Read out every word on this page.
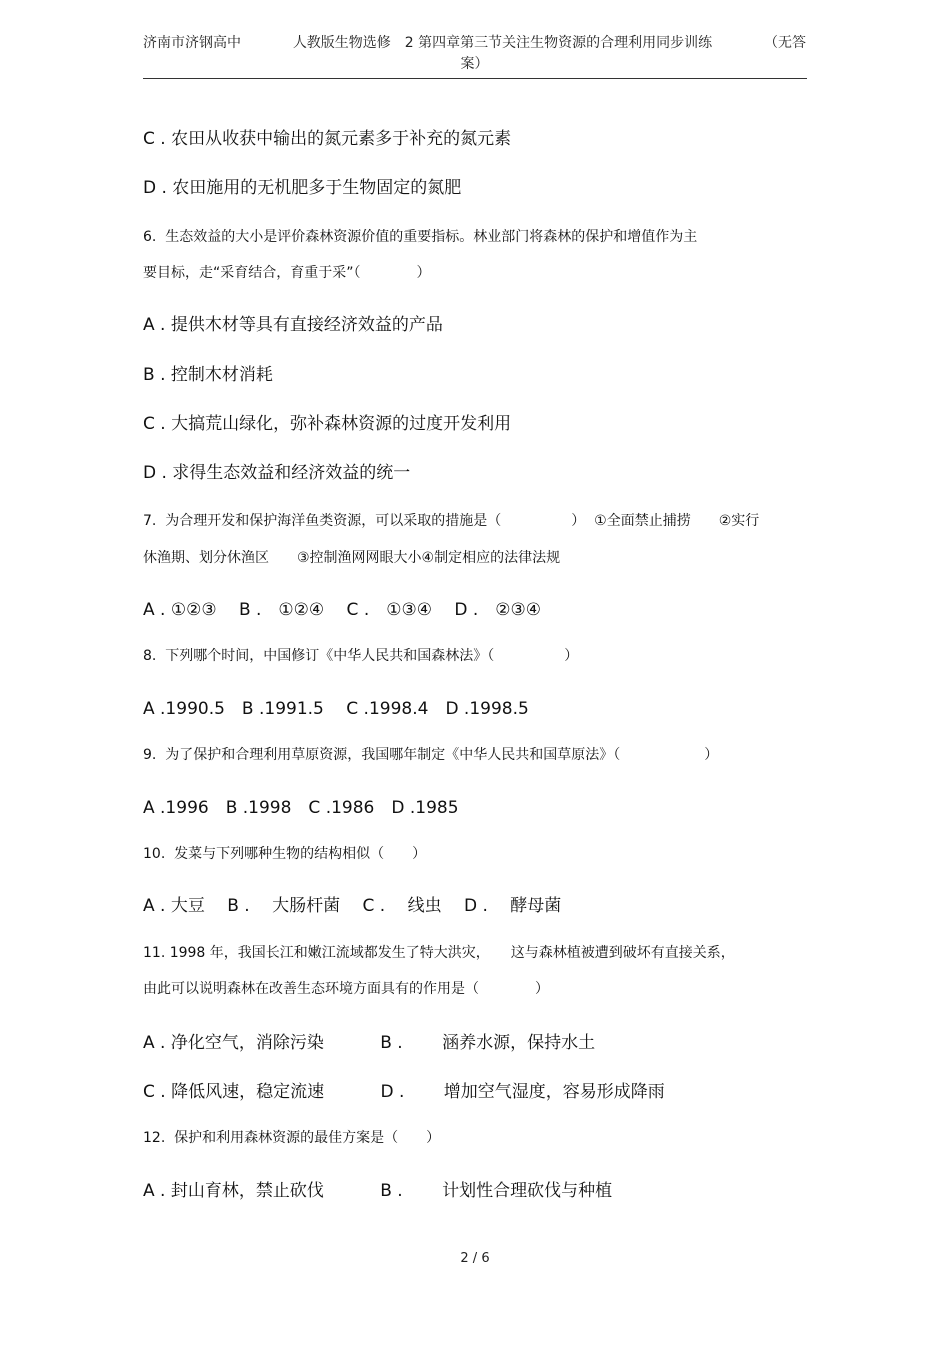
济南市济钢高中	人教版生物选修　2 第四章第三节关注生物资源的合理利用同步训练	（无答
案）
C . 农田从收获中输出的氮元素多于补充的氮元素
D . 农田施用的无机肥多于生物固定的氮肥
6.  生态效益的大小是评价森林资源价值的重要指标。林业部门将森林的保护和增值作为主
要目标，走“采育结合，育重于采”（　　　　）
A . 提供木材等具有直接经济效益的产品
B . 控制木材消耗
C . 大搞荒山绿化，弥补森林资源的过度开发利用
D . 求得生态效益和经济效益的统一
7.  为合理开发和保护海洋鱼类资源，可以采取的措施是（　　　　　）  ①全面禁止捕捞　　②实行
休渔期、划分休渔区　　③控制渔网网眼大小④制定相应的法律法规
A . ①②③　 B .　①②④　 C .　①③④　 D .　②③④
8.  下列哪个时间，中国修订《中华人民共和国森林法》（　　　　　）
A .1990.5　B .1991.5　 C .1998.4　D .1998.5
9.  为了保护和合理利用草原资源，我国哪年制定《中华人民共和国草原法》（　　　　　　）
A .1996　B .1998　C .1986　D .1985
10.  发菜与下列哪种生物的结构相似（　　）
A . 大豆　 B .　 大肠杆菌　 C .　 线虫　 D .　 酵母菌
11. 1998 年，我国长江和嫩江流域都发生了特大洪灾，　　这与森林植被遭到破坏有直接关系，
由此可以说明森林在改善生态环境方面具有的作用是（　　　　）
A . 净化空气，消除污染　　　 B .　　 涵养水源，保持水土
C . 降低风速，稳定流速　　　 D .　　 增加空气湿度，容易形成降雨
12.  保护和利用森林资源的最佳方案是（　　）
A . 封山育林，禁止砍伐　　　 B .　　 计划性合理砍伐与种植
2 / 6
